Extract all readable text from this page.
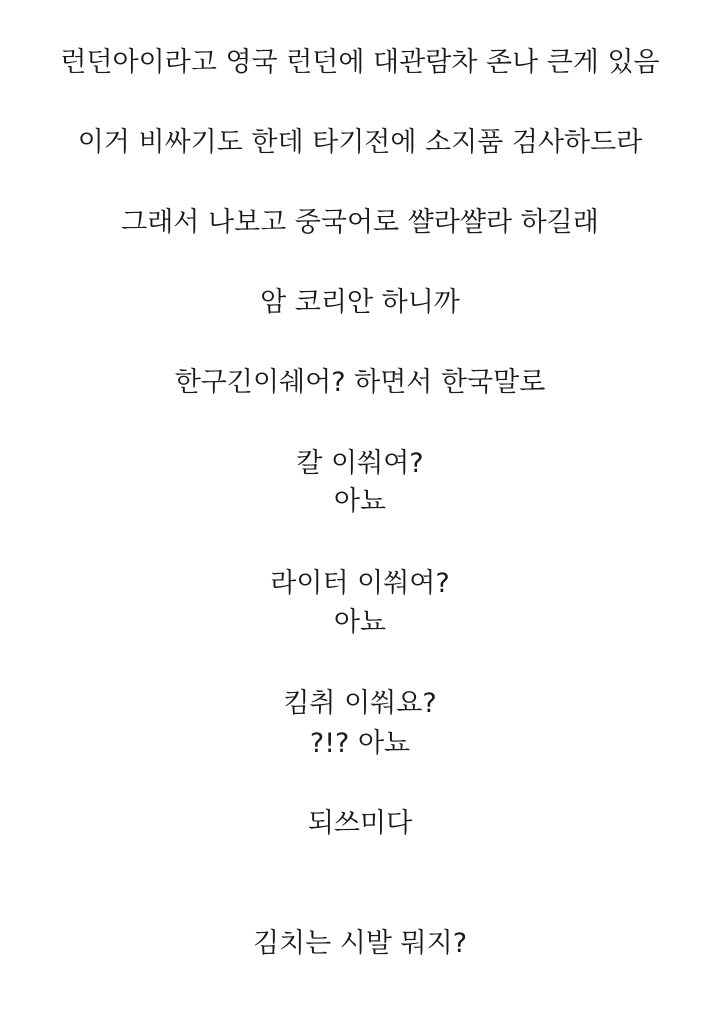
런던아이라고 영국 런던에 대관람차 존나 큰게 있음
이거 비싸기도 한데 타기전에 소지품 검사하드라
그래서 나보고 중국어로 쌸라쌸라 하길래
암 코리안 하니까
한구긴이쉐어? 하면서 한국말로
칼 이쒀여?
아뇨
라이터 이쒀여?
아뇨
킴취 이쒀요?
?!? 아뇨
되쓰미다
김치는 시발 뭐지?
